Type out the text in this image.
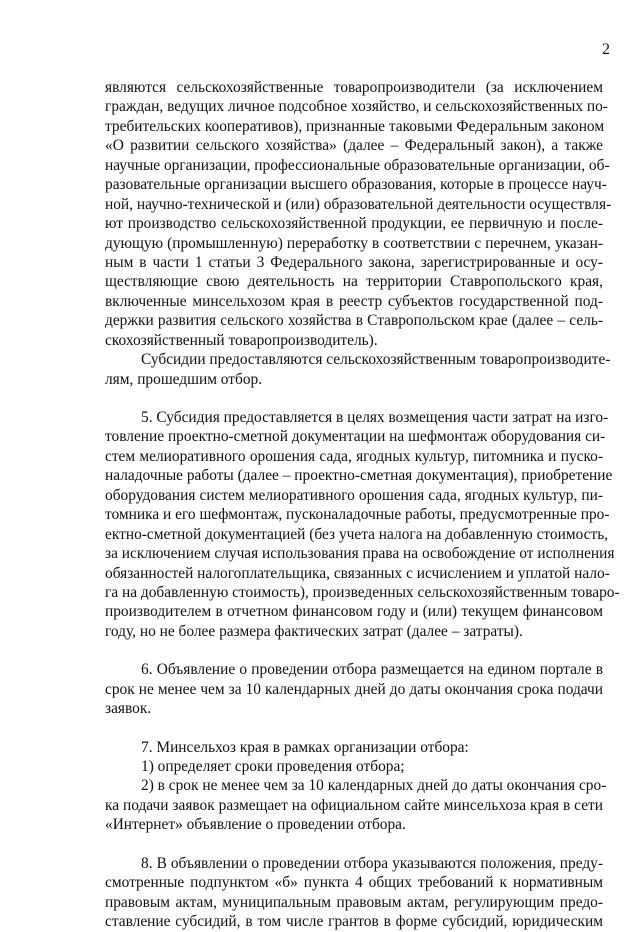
2
являются сельскохозяйственные товаропроизводители (за исключением
граждан, ведущих личное подсобное хозяйство, и сельскохозяйственных по-
требительских кооперативов), признанные таковыми Федеральным законом
«О развитии сельского хозяйства» (далее – Федеральный закон), а также
научные организации, профессиональные образовательные организации, об-
разовательные организации высшего образования, которые в процессе науч-
ной, научно-технической и (или) образовательной деятельности осуществля-
ют производство сельскохозяйственной продукции, ее первичную и после-
дующую (промышленную) переработку в соответствии с перечнем, указан-
ным в части 1 статьи 3 Федерального закона, зарегистрированные и осу-
ществляющие свою деятельность на территории Ставропольского края,
включенные минсельхозом края в реестр субъектов государственной под-
держки развития сельского хозяйства в Ставропольском крае (далее – сель-
скохозяйственный товаропроизводитель).
Субсидии предоставляются сельскохозяйственным товаропроизводите-
лям, прошедшим отбор.
5. Субсидия предоставляется в целях возмещения части затрат на изго-
товление проектно-сметной документации на шефмонтаж оборудования си-
стем мелиоративного орошения сада, ягодных культур, питомника и пуско-
наладочные работы (далее – проектно-сметная документация), приобретение
оборудования систем мелиоративного орошения сада, ягодных культур, пи-
томника и его шефмонтаж, пусконаладочные работы, предусмотренные про-
ектно-сметной документацией (без учета налога на добавленную стоимость,
за исключением случая использования права на освобождение от исполнения
обязанностей налогоплательщика, связанных с исчислением и уплатой нало-
га на добавленную стоимость), произведенных сельскохозяйственным товаро-
производителем в отчетном финансовом году и (или) текущем финансовом
году, но не более размера фактических затрат (далее – затраты).
6. Объявление о проведении отбора размещается на едином портале в
срок не менее чем за 10 календарных дней до даты окончания срока подачи
заявок.
7. Минсельхоз края в рамках организации отбора:
1) определяет сроки проведения отбора;
2) в срок не менее чем за 10 календарных дней до даты окончания сро-
ка подачи заявок размещает на официальном сайте минсельхоза края в сети
«Интернет» объявление о проведении отбора.
8. В объявлении о проведении отбора указываются положения, преду-
смотренные подпунктом «б» пункта 4 общих требований к нормативным
правовым актам, муниципальным правовым актам, регулирующим предо-
ставление субсидий, в том числе грантов в форме субсидий, юридическим
